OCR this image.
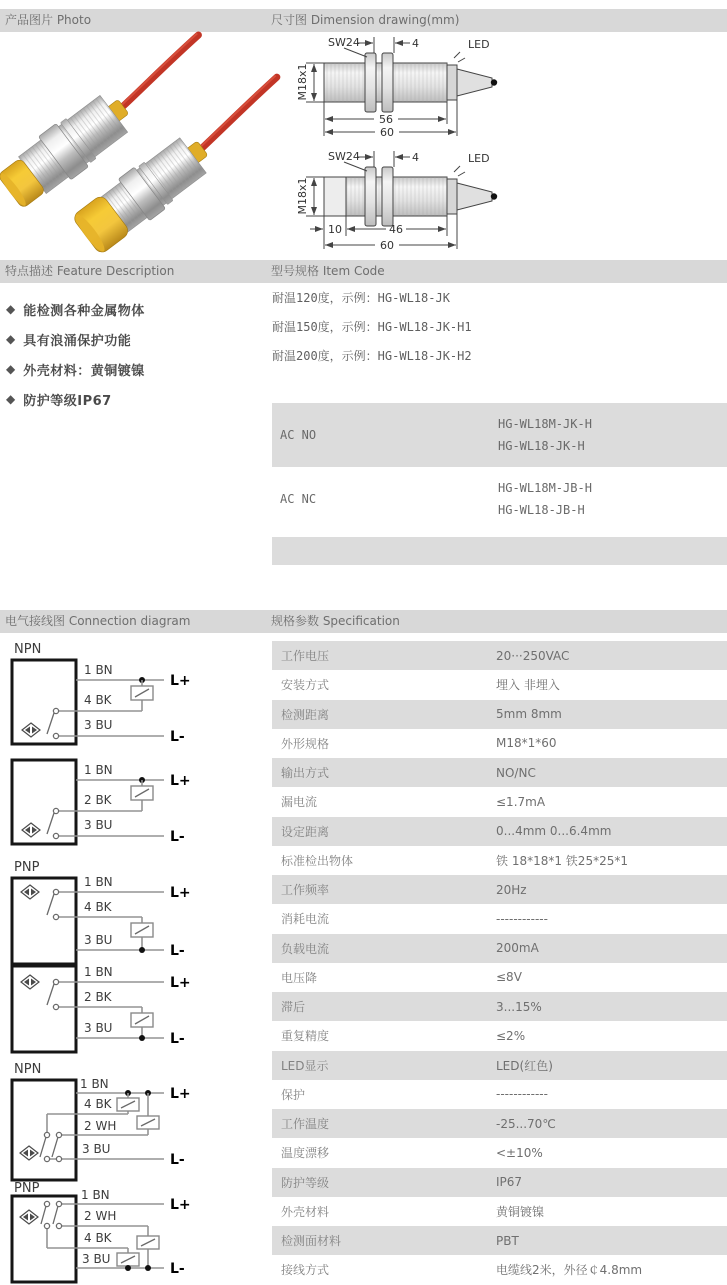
产品图片 Photo	尺寸图 Dimension drawing(mm)
SW24	4	LED
M18x1
56
60
SW24	4	LED
M18x1
10	46
60
特点描述 Feature Description	型号规格 Item Code
◆ 能检测各种金属物体
◆ 具有浪涌保护功能
◆ 外壳材料：黄铜镀镍
◆ 防护等级IP67
耐温120度，示例：HG-WL18-JK
耐温150度，示例：HG-WL18-JK-H1
耐温200度，示例：HG-WL18-JK-H2
AC NO
HG-WL18M-JK-H
HG-WL18-JK-H
AC NC
HG-WL18M-JB-H
HG-WL18-JB-H
电气接线图 Connection diagram	规格参数 Specification
NPN
1 BN
L+
4 BK
3 BU
L-
1 BN
L+
2 BK
3 BU
L-
PNP
1 BN
L+
4 BK
3 BU
L-
1 BN
L+
2 BK
3 BU
L-
NPN
1 BN
L+
4 BK
2 WH
3 BU
L-
PNP	1 BN
L+
2 WH
4 BK
3 BU
L-
工作电压	20···250VAC
安装方式	埋入 非埋入
检测距离	5mm 8mm
外形规格	M18*1*60
输出方式	NO/NC
漏电流	≤1.7mA
设定距离	0...4mm 0...6.4mm
标准检出物体	铁 18*18*1 铁25*25*1
工作频率	20Hz
消耗电流	------------
负载电流	200mA
电压降	≤8V
滞后	3...15%
重复精度	≤2%
LED显示	LED(红色)
保护	------------
工作温度	-25...70℃
温度漂移	<±10%
防护等级	IP67
外壳材料	黄铜镀镍
检测面材料	PBT
接线方式	电缆线2米，外径￠4.8mm
